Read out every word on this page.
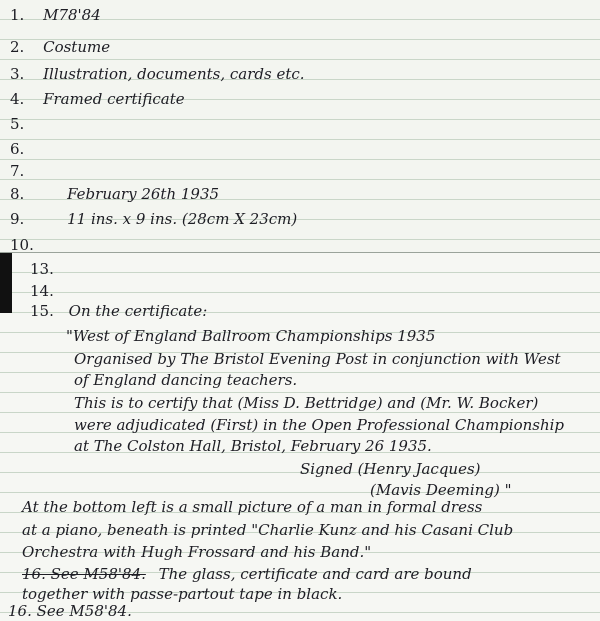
1. M78'84
2. Costume
3. Illustration, documents, cards etc.
4. Framed certificate
5.
6.
7.
8.	February 26th 1935
9.	11 ins. x 9 ins. (28cm X 23cm)
10.
13.
14.
15. On the certificate:
"West of England Ballroom Championships 1935
Organised by The Bristol Evening Post in conjunction with West
of England dancing teachers.
This is to certify that (Miss D. Bettridge) and (Mr. W. Bocker)
were adjudicated (First) in the Open Professional Championship
at The Colston Hall, Bristol, February 26 1935.
Signed (Henry Jacques)
(Mavis Deeming) "
At the bottom left is a small picture of a man in formal dress
at a piano, beneath is printed "Charlie Kunz and his Casani Club
Orchestra with Hugh Frossard and his Band."
16. See M58'84. The glass, certificate and card are bound
together with passe-partout tape in black.
16. See M58'84.
